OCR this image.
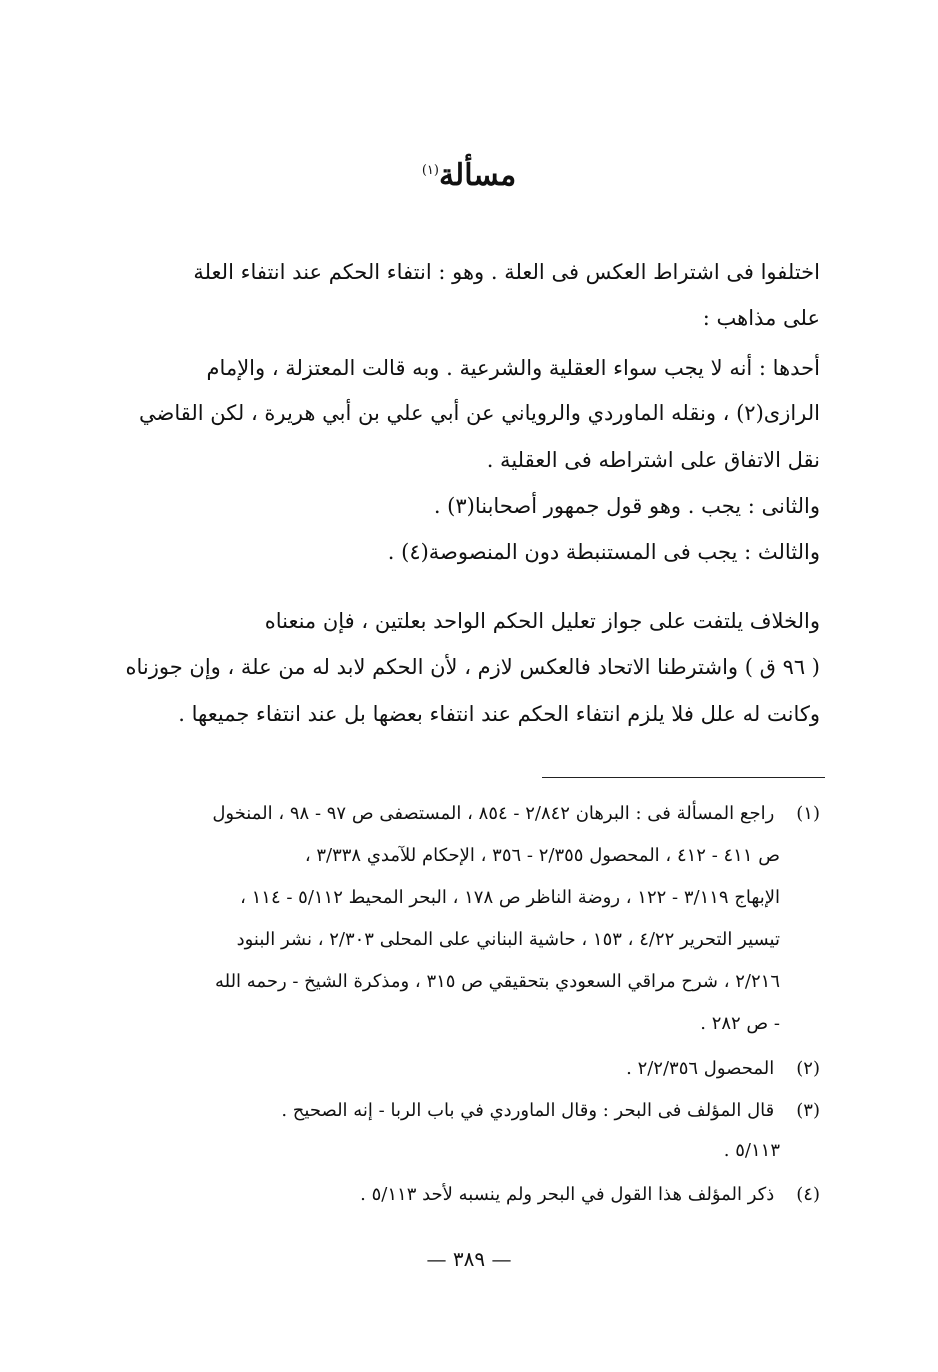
مسألة$^{(١)}$
اختلفوا فى اشتراط العكس فى العلة . وهو : انتفاء الحكم عند انتفاء العلة
على مذاهب :
أحدها : أنه لا يجب سواء العقلية والشرعية . وبه قالت المعتزلة ، والإمام
الرازى(٢) ، ونقله الماوردي والروياني عن أبي علي بن أبي هريرة ، لكن القاضي
نقل الاتفاق على اشتراطه فى العقلية .
والثانى : يجب . وهو قول جمهور أصحابنا(٣) .
والثالث : يجب فى المستنبطة دون المنصوصة(٤) .
والخلاف يلتفت على جواز تعليل الحكم الواحد بعلتين ، فإن منعناه
( ٩٦ ق ) واشترطنا الاتحاد فالعكس لازم ، لأن الحكم لابد له من علة ، وإن جوزناه
وكانت له علل فلا يلزم انتفاء الحكم عند انتفاء بعضها بل عند انتفاء جميعها .
(١) راجع المسألة فى : البرهان ٢/٨٤٢ - ٨٥٤ ، المستصفى ص ٩٧ - ٩٨ ، المنخول
ص ٤١١ - ٤١٢ ، المحصول ٢/٣٥٥ - ٣٥٦ ، الإحكام للآمدي ٣/٣٣٨ ،
الإبهاج ٣/١١٩ - ١٢٢ ، روضة الناظر ص ١٧٨ ، البحر المحيط ٥/١١٢ - ١١٤ ،
تيسير التحرير ٤/٢٢ ، ١٥٣ ، حاشية البناني على المحلى ٢/٣٠٣ ، نشر البنود
٢/٢١٦ ، شرح مراقي السعودي بتحقيقي ص ٣١٥ ، ومذكرة الشيخ - رحمه الله
- ص ٢٨٢ .
(٢) المحصول ٢/٢/٣٥٦ .
(٣) قال المؤلف فى البحر : وقال الماوردي في باب الربا - إنه الصحيح .
٥/١١٣ .
(٤) ذكر المؤلف هذا القول في البحر ولم ينسبه لأحد ٥/١١٣ .
— ٣٨٩ —
